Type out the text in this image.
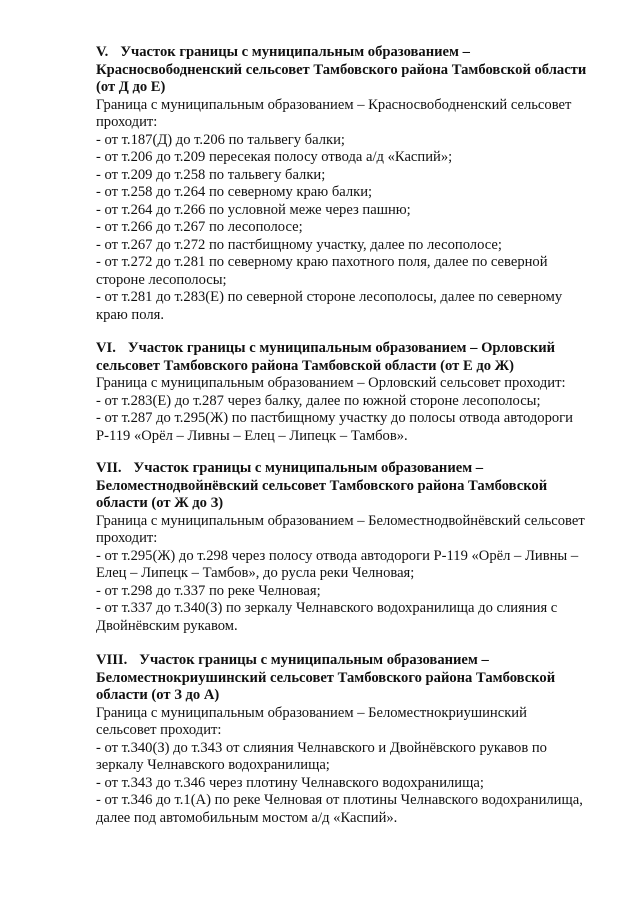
V. Участок границы с муниципальным образованием –

Красносвободненский сельсовет Тамбовского района Тамбовской области

(от Д до Е)

Граница с муниципальным образованием – Красносвободненский сельсовет

проходит:

- от т.187(Д) до т.206 по тальвегу балки;

- от т.206 до т.209 пересекая полосу отвода а/д «Каспий»;

- от т.209 до т.258 по тальвегу балки;

- от т.258 до т.264 по северному краю балки;

- от т.264 до т.266 по условной меже через пашню;

- от т.266 до т.267 по лесополосе;

- от т.267 до т.272 по пастбищному участку, далее по лесополосе;

- от т.272 до т.281 по северному краю пахотного поля, далее по северной

стороне лесополосы;

- от т.281 до т.283(Е) по северной стороне лесополосы, далее по северному

краю поля.

VI. Участок границы с муниципальным образованием – Орловский

сельсовет Тамбовского района Тамбовской области (от Е до Ж)

Граница с муниципальным образованием – Орловский сельсовет проходит:

- от т.283(Е) до т.287 через балку, далее по южной стороне лесополосы;

- от т.287 до т.295(Ж) по пастбищному участку до полосы отвода автодороги

Р-119 «Орёл – Ливны – Елец – Липецк – Тамбов».

VII. Участок границы с муниципальным образованием –

Беломестнодвойнёвский сельсовет Тамбовского района Тамбовской

области (от Ж до З)

Граница с муниципальным образованием – Беломестнодвойнёвский сельсовет

проходит:

- от т.295(Ж) до т.298 через полосу отвода автодороги Р-119 «Орёл – Ливны –

Елец – Липецк – Тамбов», до русла реки Челновая;

- от т.298 до т.337 по реке Челновая;

- от т.337 до т.340(З) по зеркалу Челнавского водохранилища до слияния с

Двойнёвским рукавом.

VIII. Участок границы с муниципальным образованием –

Беломестнокриушинский сельсовет Тамбовского района Тамбовской

области (от З до А)

Граница с муниципальным образованием – Беломестнокриушинский

сельсовет проходит:

- от т.340(З) до т.343 от слияния Челнавского и Двойнёвского рукавов по

зеркалу Челнавского водохранилища;

- от т.343 до т.346 через плотину Челнавского водохранилища;

- от т.346 до т.1(А) по реке Челновая от плотины Челнавского водохранилища,

далее под автомобильным мостом а/д «Каспий».
